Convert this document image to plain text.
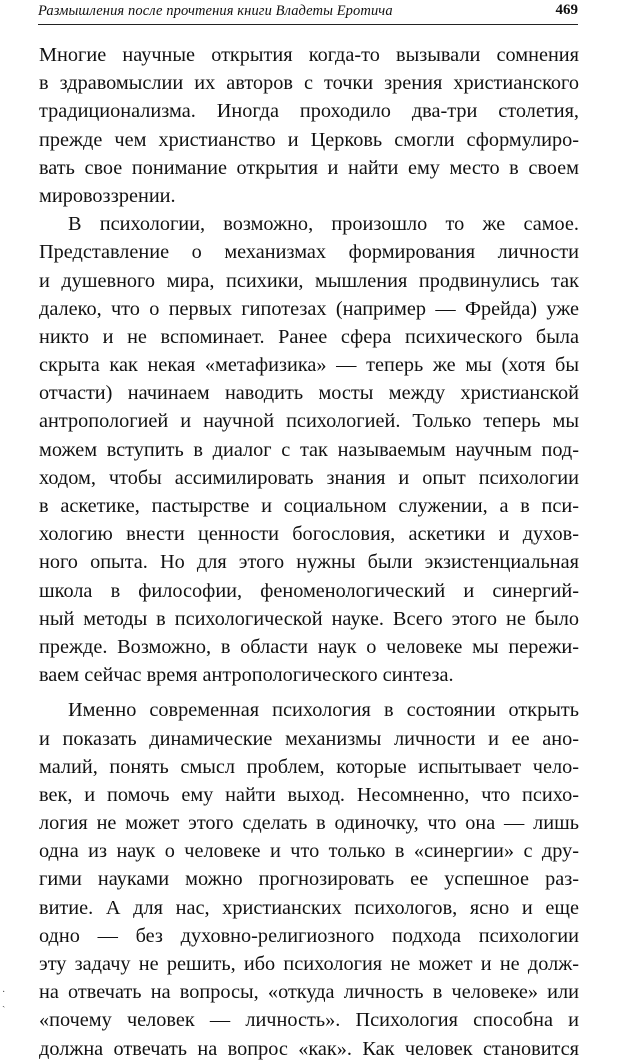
Размышления после прочтения книги Владеты Еротича	469
Многие научные открытия когда-то вызывали сомнения
в здравомыслии их авторов с точки зрения христианского
традиционализма. Иногда проходило два-три столетия,
прежде чем христианство и Церковь смогли сформулиро-
вать свое понимание открытия и найти ему место в своем
мировоззрении.
В психологии, возможно, произошло то же самое.
Представление о механизмах формирования личности
и душевного мира, психики, мышления продвинулись так
далеко, что о первых гипотезах (например — Фрейда) уже
никто и не вспоминает. Ранее сфера психического была
скрыта как некая «метафизика» — теперь же мы (хотя бы
отчасти) начинаем наводить мосты между христианской
антропологией и научной психологией. Только теперь мы
можем вступить в диалог с так называемым научным под-
ходом, чтобы ассимилировать знания и опыт психологии
в аскетике, пастырстве и социальном служении, а в пси-
хологию внести ценности богословия, аскетики и духов-
ного опыта. Но для этого нужны были экзистенциальная
школа в философии, феноменологический и синергий-
ный методы в психологической науке. Всего этого не было
прежде. Возможно, в области наук о человеке мы пережи-
ваем сейчас время антропологического синтеза.
Именно современная психология в состоянии открыть
и показать динамические механизмы личности и ее ано-
малий, понять смысл проблем, которые испытывает чело-
век, и помочь ему найти выход. Несомненно, что психо-
логия не может этого сделать в одиночку, что она — лишь
одна из наук о человеке и что только в «синергии» с дру-
гими науками можно прогнозировать ее успешное раз-
витие. А для нас, христианских психологов, ясно и еще
одно — без духовно-религиозного подхода психологии
эту задачу не решить, ибо психология не может и не долж-
на отвечать на вопросы, «откуда личность в человеке» или
«почему человек — личность». Психология способна и
должна отвечать на вопрос «как». Как человек становится
·
ˏ
